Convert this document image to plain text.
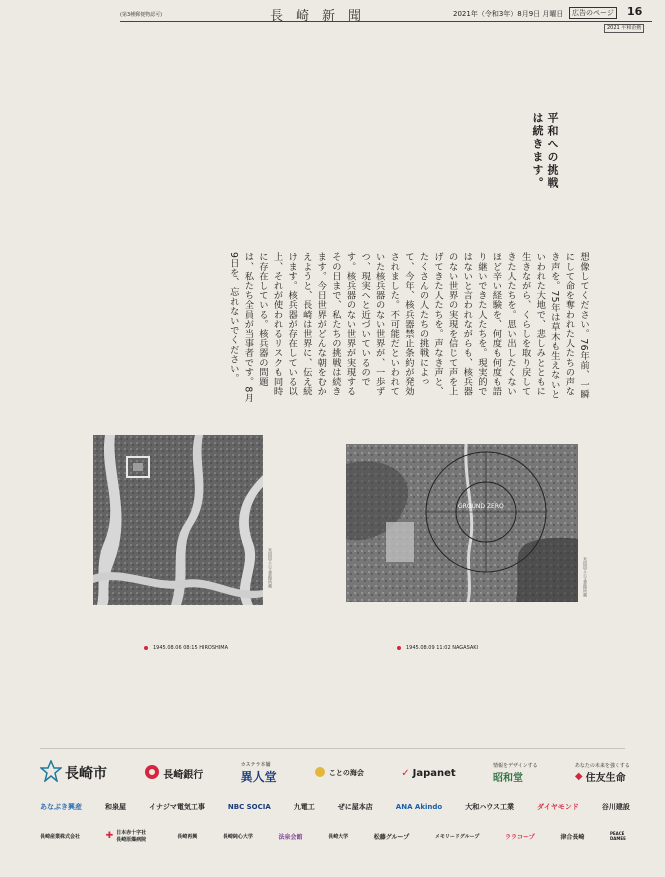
(第3種郵便物認可)	長崎新聞	2021年（令和3年）8月9日 月曜日	広告のページ 16
2021 平和企画
平和への挑戦は続きます。
想像してください。76年前、一瞬にして命を奪われた人たちの声なき声を。75年は草木も生えないといわれた大地で、悲しみとともに生きながら、くらしを取り戻してきた人たちを。思い出したくないほど辛い経験を、何度も何度も語り継いできた人たちを。現実的ではないと言われながらも、核兵器のない世界の実現を信じて声を上げてきた人たちを。声なき声と、たくさんの人たちの挑戦によって、今年、核兵器禁止条約が発効されました。不可能だといわれていた核兵器のない世界が、一歩ずつ、現実へと近づいているのです。核兵器のない世界が実現するその日まで、私たちの挑戦は続きます。今日世界がどんな朝をむかえようと、長崎は世界に、伝え続けます。核兵器が存在している以上、それが使われるリスクも同時に存在している。核兵器の問題は、私たち全員が当事者です。8月9日を、忘れないでください。
米国国立公文書館所蔵
1945.08.06 08:15 HIROSHIMA
GROUND ZERO
米国国立公文書館所蔵
1945.08.09 11:02 NAGASAKI
長崎市	長崎銀行
カステラ本舗
異人堂	ことの海会	✓ Japanet
情報をデザインする
昭和堂
あなたの未来を強くする
◆ 住友生命
あなぶき興産	和泉屋	イナジマ電気工事	NBC SOCIA	九電工	ぜに屋本店	ANA Akindo	大和ハウス工業	ダイヤモンド	谷川建設
長崎産業株式会社	✚ 日本赤十字社 長崎原爆病院
長崎再興	長崎純心大学	法泉会館	長崎大学	松藤グループ	メモリードグループ	ララコープ	津合長崎	PEACE DAMEE
